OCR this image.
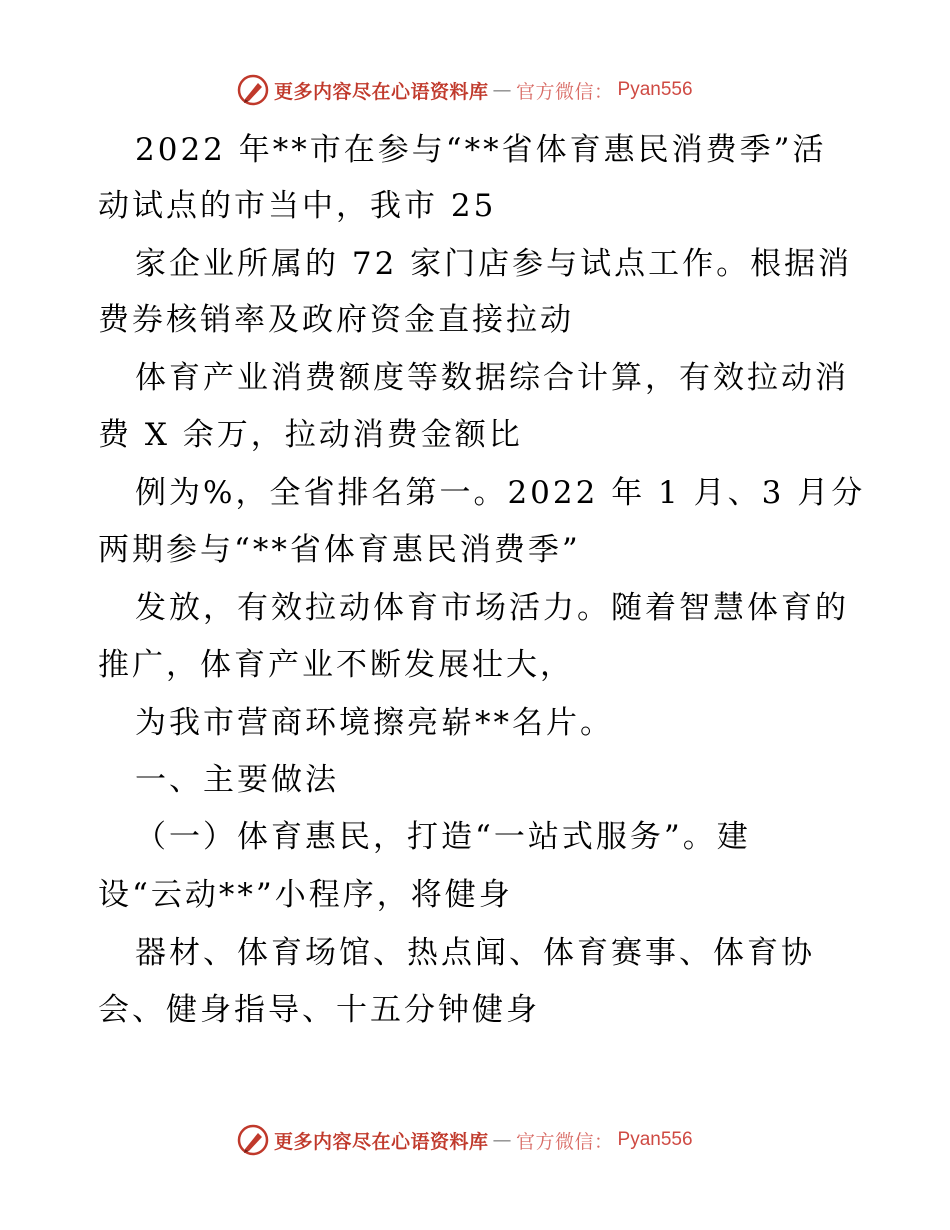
更多内容尽在心语资料库 — 官方微信： Pyan556
2022 年**市在参与“**省体育惠民消费季”活
动试点的市当中，我市 25
家企业所属的 72 家门店参与试点工作。根据消
费券核销率及政府资金直接拉动
体育产业消费额度等数据综合计算，有效拉动消
费 X 余万，拉动消费金额比
例为%，全省排名第一。2022 年 1 月、3 月分
两期参与“**省体育惠民消费季”
发放，有效拉动体育市场活力。随着智慧体育的
推广，体育产业不断发展壮大，
为我市营商环境擦亮崭**名片。
一、主要做法
（一）体育惠民，打造“一站式服务”。建
设“云动**”小程序，将健身
器材、体育场馆、热点闻、体育赛事、体育协
会、健身指导、十五分钟健身
更多内容尽在心语资料库 — 官方微信： Pyan556
